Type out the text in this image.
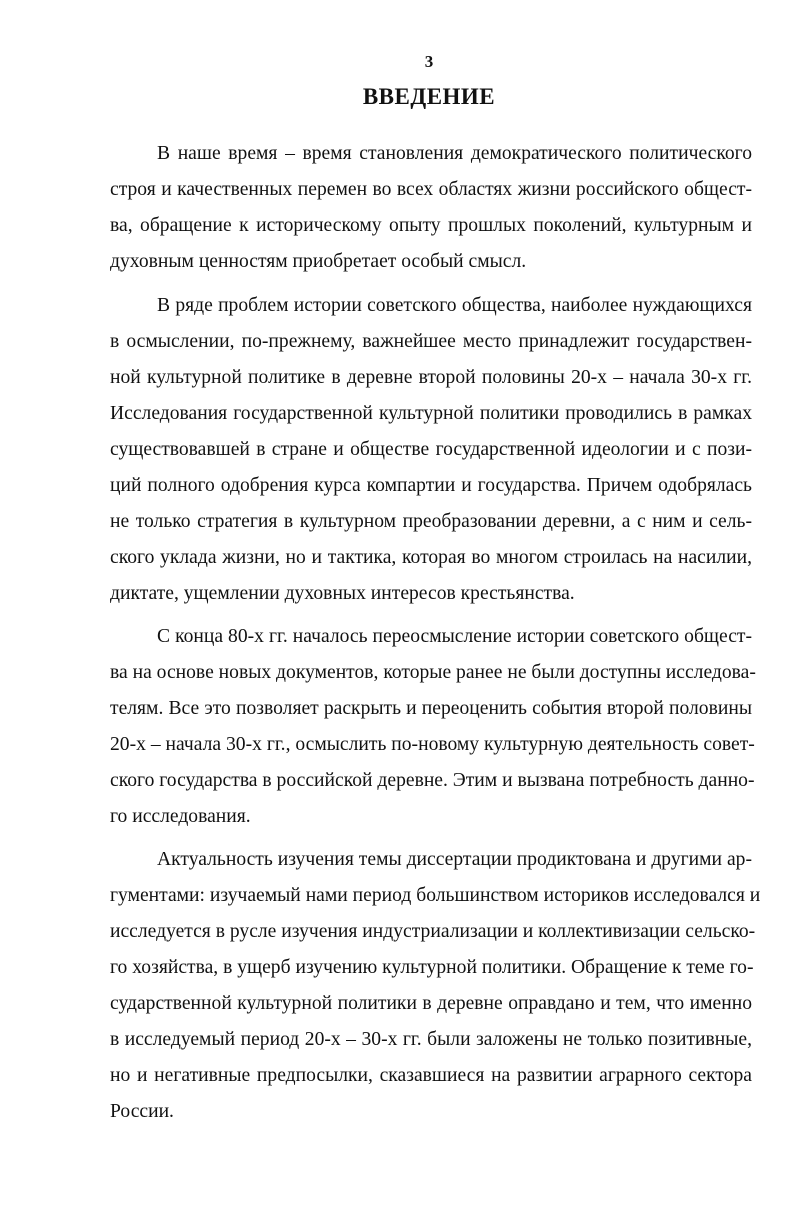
3
ВВЕДЕНИЕ

В наше время – время становления демократического политического
строя и качественных перемен во всех областях жизни российского общест-
ва, обращение к историческому опыту прошлых поколений, культурным и
духовным ценностям приобретает особый смысл.

В ряде проблем истории советского общества, наиболее нуждающихся
в осмыслении, по-прежнему, важнейшее место принадлежит государствен-
ной культурной политике в деревне второй половины 20-х – начала 30-х гг.
Исследования государственной культурной политики проводились в рамках
существовавшей в стране и обществе государственной идеологии и с пози-
ций полного одобрения курса компартии и государства. Причем одобрялась
не только стратегия в культурном преобразовании деревни, а с ним и сель-
ского уклада жизни, но и тактика, которая во многом строилась на насилии,
диктате, ущемлении духовных интересов крестьянства.

С конца 80-х гг. началось переосмысление истории советского общест-
ва на основе новых документов, которые ранее не были доступны исследова-
телям. Все это позволяет раскрыть и переоценить события второй половины
20-х – начала 30-х гг., осмыслить по-новому культурную деятельность совет-
ского государства в российской деревне. Этим и вызвана потребность данно-
го исследования.

Актуальность изучения темы диссертации продиктована и другими ар-
гументами: изучаемый нами период большинством историков исследовался и
исследуется в русле изучения индустриализации и коллективизации сельско-
го хозяйства, в ущерб изучению культурной политики. Обращение к теме го-
сударственной культурной политики в деревне оправдано и тем, что именно
в исследуемый период 20-х – 30-х гг. были заложены не только позитивные,
но и негативные предпосылки, сказавшиеся на развитии аграрного сектора
России.
